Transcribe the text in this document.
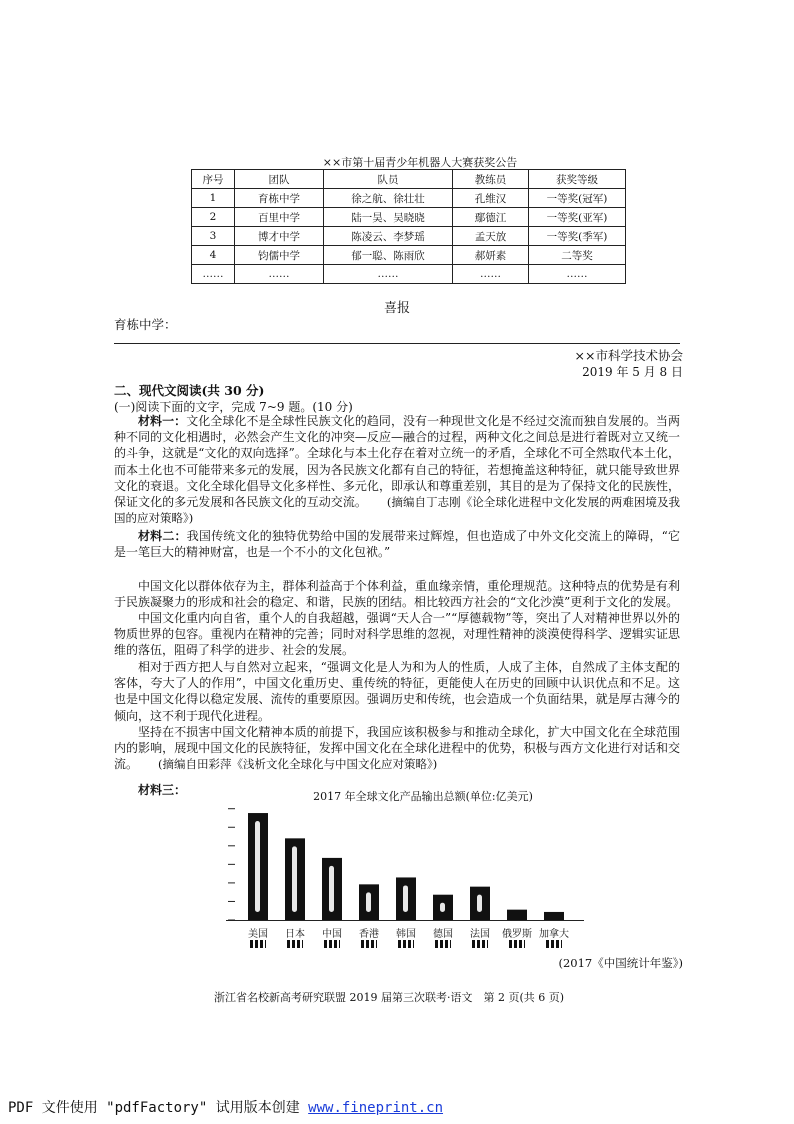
××市第十届青少年机器人大赛获奖公告
序号	团队	队员	教练员	获奖等级
1	育栋中学	徐之航、徐壮壮	孔维汉	一等奖(冠军)
2	百里中学	陆一昊、吴晓晓	鄢德江	一等奖(亚军)
3	博才中学	陈凌云、李梦瑶	孟天放	一等奖(季军)
4	钧儒中学	郁一聪、陈雨欣	郝妍素	二等奖
……	……	……	……	……
喜报
育栋中学：
××市科学技术协会
2019 年 5 月 8 日
二、现代文阅读(共 30 分)
(一)阅读下面的文字，完成 7~9 题。(10 分)

材料一：文化全球化不是全球性民族文化的趋同，没有一种现世文化是不经过交流而独自发展的。当两种不同的文化相遇时，必然会产生文化的冲突—反应—融合的过程，两种文化之间总是进行着既对立又统一的斗争，这就是“文化的双向选择”。全球化与本土化存在着对立统一的矛盾，全球化不可全然取代本土化，而本土化也不可能带来多元的发展，因为各民族文化都有自己的特征，若想掩盖这种特征，就只能导致世界文化的衰退。文化全球化倡导文化多样性、多元化，即承认和尊重差别，其目的是为了保持文化的民族性，保证文化的多元发展和各民族文化的互动交流。 (摘编自丁志刚《论全球化进程中文化发展的两难困境及我国的应对策略》)

材料二：我国传统文化的独特优势给中国的发展带来过辉煌，但也造成了中外文化交流上的障碍，“它是一笔巨大的精神财富，也是一个不小的文化包袱。”

中国文化以群体依存为主，群体利益高于个体利益，重血缘亲情，重伦理规范。这种特点的优势是有利于民族凝聚力的形成和社会的稳定、和谐，民族的团结。相比较西方社会的“文化沙漠”更利于文化的发展。

中国文化重内向自省，重个人的自我超越，强调“天人合一”“厚德载物”等，突出了人对精神世界以外的物质世界的包容。重视内在精神的完善；同时对科学思维的忽视，对理性精神的淡漠使得科学、逻辑实证思维的落伍，阻碍了科学的进步、社会的发展。

相对于西方把人与自然对立起来，“强调文化是人为和为人的性质，人成了主体，自然成了主体支配的客体，夸大了人的作用”，中国文化重历史、重传统的特征，更能使人在历史的回顾中认识优点和不足。这也是中国文化得以稳定发展、流传的重要原因。强调历史和传统，也会造成一个负面结果，就是厚古薄今的倾向，这不利于现代化进程。

坚持在不损害中国文化精神本质的前提下，我国应该积极参与和推动全球化，扩大中国文化在全球范围内的影响，展现中国文化的民族特征，发挥中国文化在全球化进程中的优势，积极与西方文化进行对话和交流。 (摘编自田彩萍《浅析文化全球化与中国文化应对策略》)

材料三：	2017 年全球文化产品输出总额(单位:亿美元)
美国	日本	中国	香港	韩国	德国	法国	俄罗斯 加拿大
(2017《中国统计年鉴》)
浙江省名校新高考研究联盟 2019 届第三次联考·语文　第 2 页(共 6 页)
PDF 文件使用 "pdfFactory" 试用版本创建 www.fineprint.cn
